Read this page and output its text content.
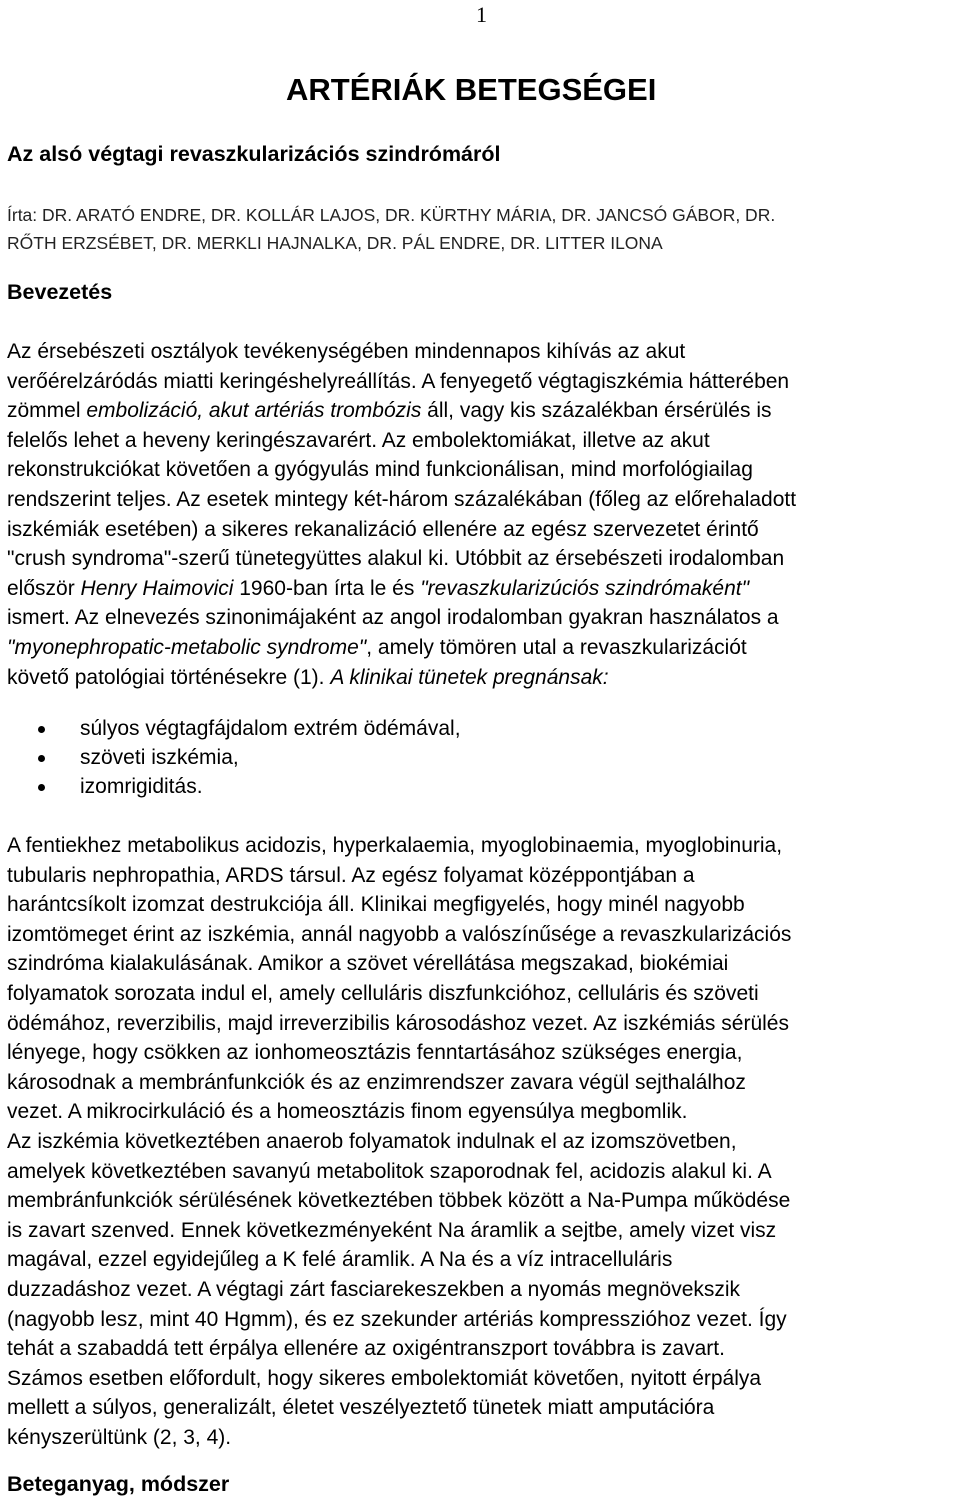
1
ARTÉRIÁK BETEGSÉGEI
Az alsó végtagi revaszkularizációs szindrómáról
Írta: DR. ARATÓ ENDRE, DR. KOLLÁR LAJOS, DR. KÜRTHY MÁRIA, DR. JANCSÓ GÁBOR, DR.
RŐTH ERZSÉBET, DR. MERKLI HAJNALKA, DR. PÁL ENDRE, DR. LITTER ILONA
Bevezetés
Az érsebészeti osztályok tevékenységében mindennapos kihívás az akut
verőérelzáródás miatti keringéshelyreállítás. A fenyegető végtagiszkémia hátterében
zömmel embolizáció, akut artériás trombózis áll, vagy kis százalékban érsérülés is
felelős lehet a heveny keringészavarért. Az embolektomiákat, illetve az akut
rekonstrukciókat követően a gyógyulás mind funkcionálisan, mind morfológiailag
rendszerint teljes. Az esetek mintegy két-három százalékában (főleg az előrehaladott
iszkémiák esetében) a sikeres rekanalizáció ellenére az egész szervezetet érintő
"crush syndroma"-szerű tünetegyüttes alakul ki. Utóbbit az érsebészeti irodalomban
először Henry Haimovici 1960-ban írta le és "revaszkularizúciós szindrómaként"
ismert. Az elnevezés szinonimájaként az angol irodalomban gyakran használatos a
"myonephropatic-metabolic syndrome", amely tömören utal a revaszkularizációt
követő patológiai történésekre (1). A klinikai tünetek pregnánsak:
súlyos végtagfájdalom extrém ödémával,
szöveti iszkémia,
izomrigiditás.
A fentiekhez metabolikus acidozis, hyperkalaemia, myoglobinaemia, myoglobinuria,
tubularis nephropathia, ARDS társul. Az egész folyamat középpontjában a
harántcsíkolt izomzat destrukciója áll. Klinikai megfigyelés, hogy minél nagyobb
izomtömeget érint az iszkémia, annál nagyobb a valószínűsége a revaszkularizációs
szindróma kialakulásának. Amikor a szövet vérellátása megszakad, biokémiai
folyamatok sorozata indul el, amely celluláris diszfunkcióhoz, celluláris és szöveti
ödémához, reverzibilis, majd irreverzibilis károsodáshoz vezet. Az iszkémiás sérülés
lényege, hogy csökken az ionhomeosztázis fenntartásához szükséges energia,
károsodnak a membránfunkciók és az enzimrendszer zavara végül sejthalálhoz
vezet. A mikrocirkuláció és a homeosztázis finom egyensúlya megbomlik.
Az iszkémia következtében anaerob folyamatok indulnak el az izomszövetben,
amelyek következtében savanyú metabolitok szaporodnak fel, acidozis alakul ki. A
membránfunkciók sérülésének következtében többek között a Na-Pumpa működése
is zavart szenved. Ennek következményeként Na áramlik a sejtbe, amely vizet visz
magával, ezzel egyidejűleg a K felé áramlik. A Na és a víz intracelluláris
duzzadáshoz vezet. A végtagi zárt fasciarekeszekben a nyomás megnövekszik
(nagyobb lesz, mint 40 Hgmm), és ez szekunder artériás kompresszióhoz vezet. Így
tehát a szabaddá tett érpálya ellenére az oxigéntranszport továbbra is zavart.
Számos esetben előfordult, hogy sikeres embolektomiát követően, nyitott érpálya
mellett a súlyos, generalizált, életet veszélyeztető tünetek miatt amputációra
kényszerültünk (2, 3, 4).
Beteganyag, módszer
